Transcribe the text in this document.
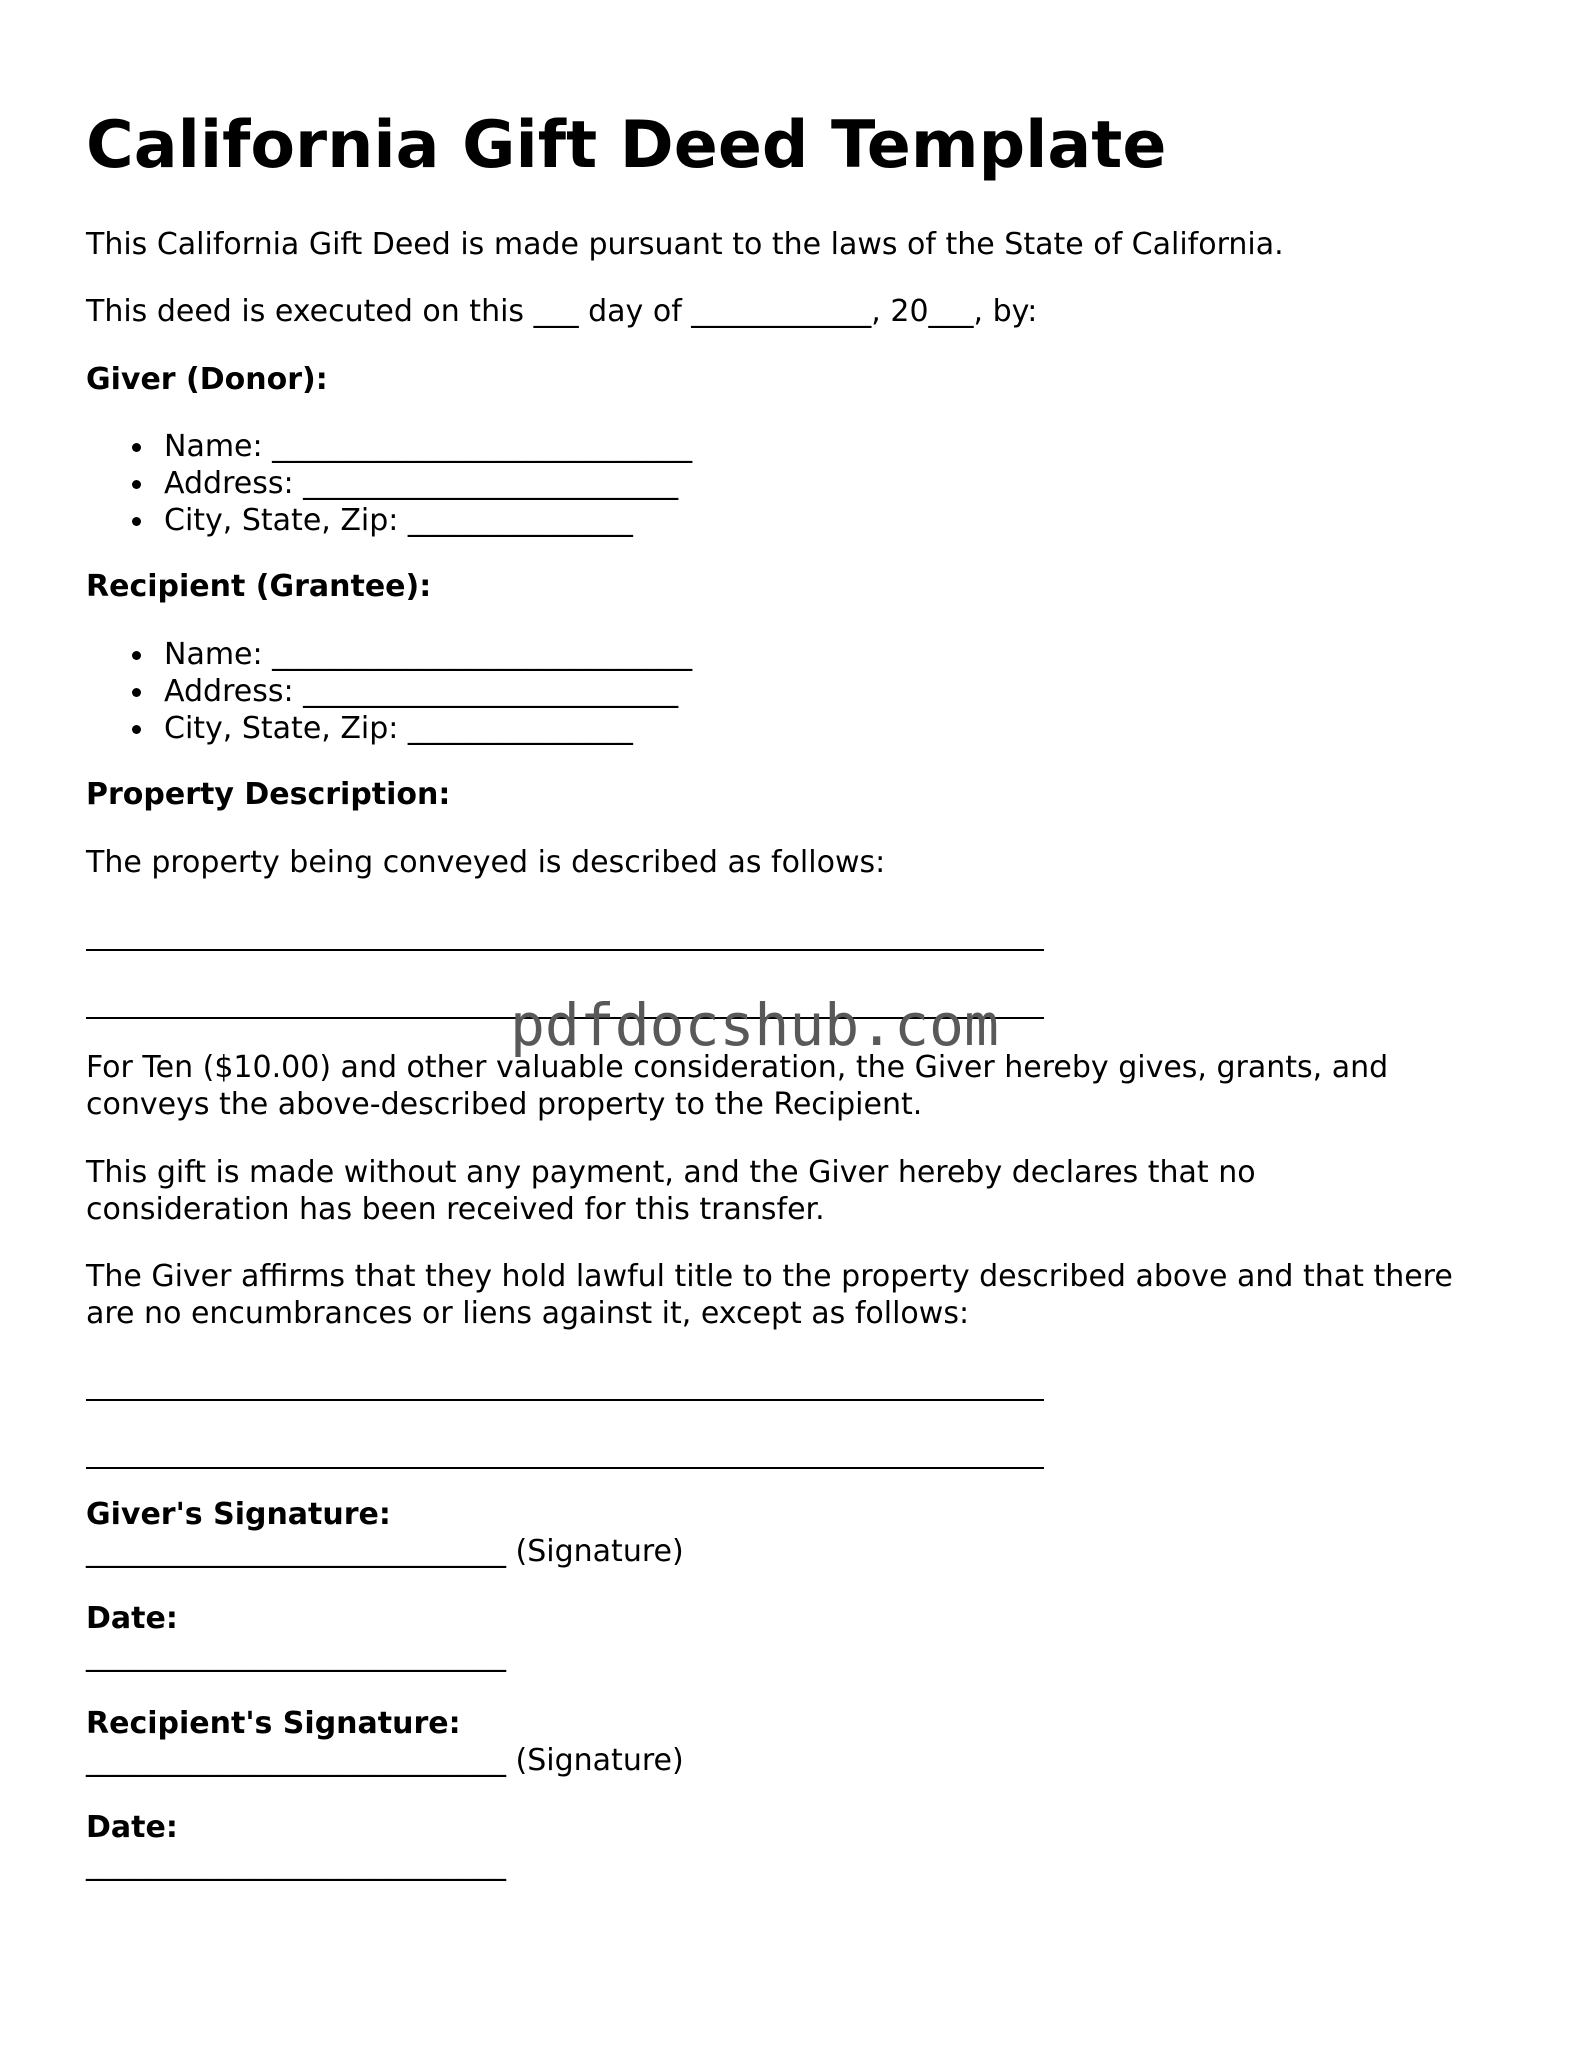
California Gift Deed Template

This California Gift Deed is made pursuant to the laws of the State of California.

This deed is executed on this ___ day of ____________, 20___, by:

Giver (Donor):

Name: ____________________________
Address: _________________________
City, State, Zip: _______________

Recipient (Grantee):

Name: ____________________________
Address: _________________________
City, State, Zip: _______________

Property Description:

The property being conveyed is described as follows:

For Ten ($10.00) and other valuable consideration, the Giver hereby gives, grants, and

conveys the above-described property to the Recipient.

This gift is made without any payment, and the Giver hereby declares that no

consideration has been received for this transfer.

The Giver affirms that they hold lawful title to the property described above and that there

are no encumbrances or liens against it, except as follows:

Giver's Signature:

____________________________ (Signature)

Date:

____________________________

Recipient's Signature:

____________________________ (Signature)

Date:

____________________________

pdfdocshub.com
